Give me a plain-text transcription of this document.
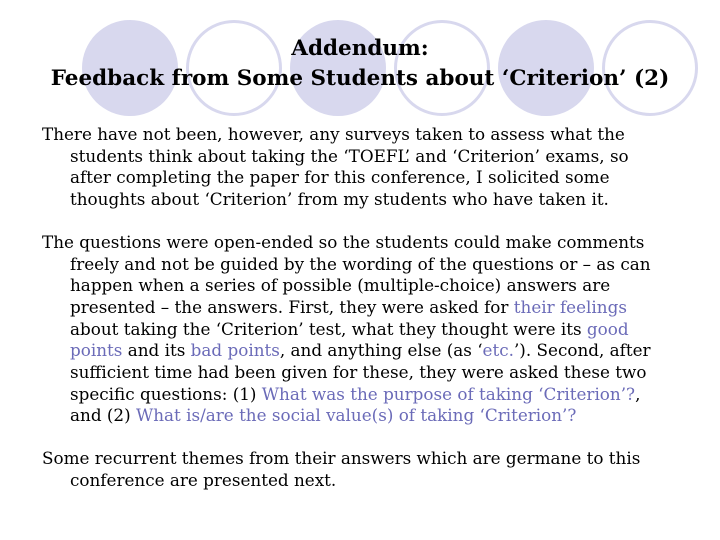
Addendum:
Feedback from Some Students about ‘Criterion’ (2)
There have not been, however, any surveys taken to assess what the
students think about taking the ‘TOEFL’ and ‘Criterion’ exams, so
after completing the paper for this conference, I solicited some
thoughts about ‘Criterion’ from my students who have taken it.
The questions were open-ended so the students could make comments
freely and not be guided by the wording of the questions or – as can
happen when a series of possible (multiple-choice) answers are
presented – the answers. First, they were asked for their feelings
about taking the ‘Criterion’ test, what they thought were its good
points and its bad points, and anything else (as ‘etc.’). Second, after
sufficient time had been given for these, they were asked these two
specific questions: (1) What was the purpose of taking ‘Criterion’?,
and (2) What is/are the social value(s) of taking ‘Criterion’?
Some recurrent themes from their answers which are germane to this
conference are presented next.
